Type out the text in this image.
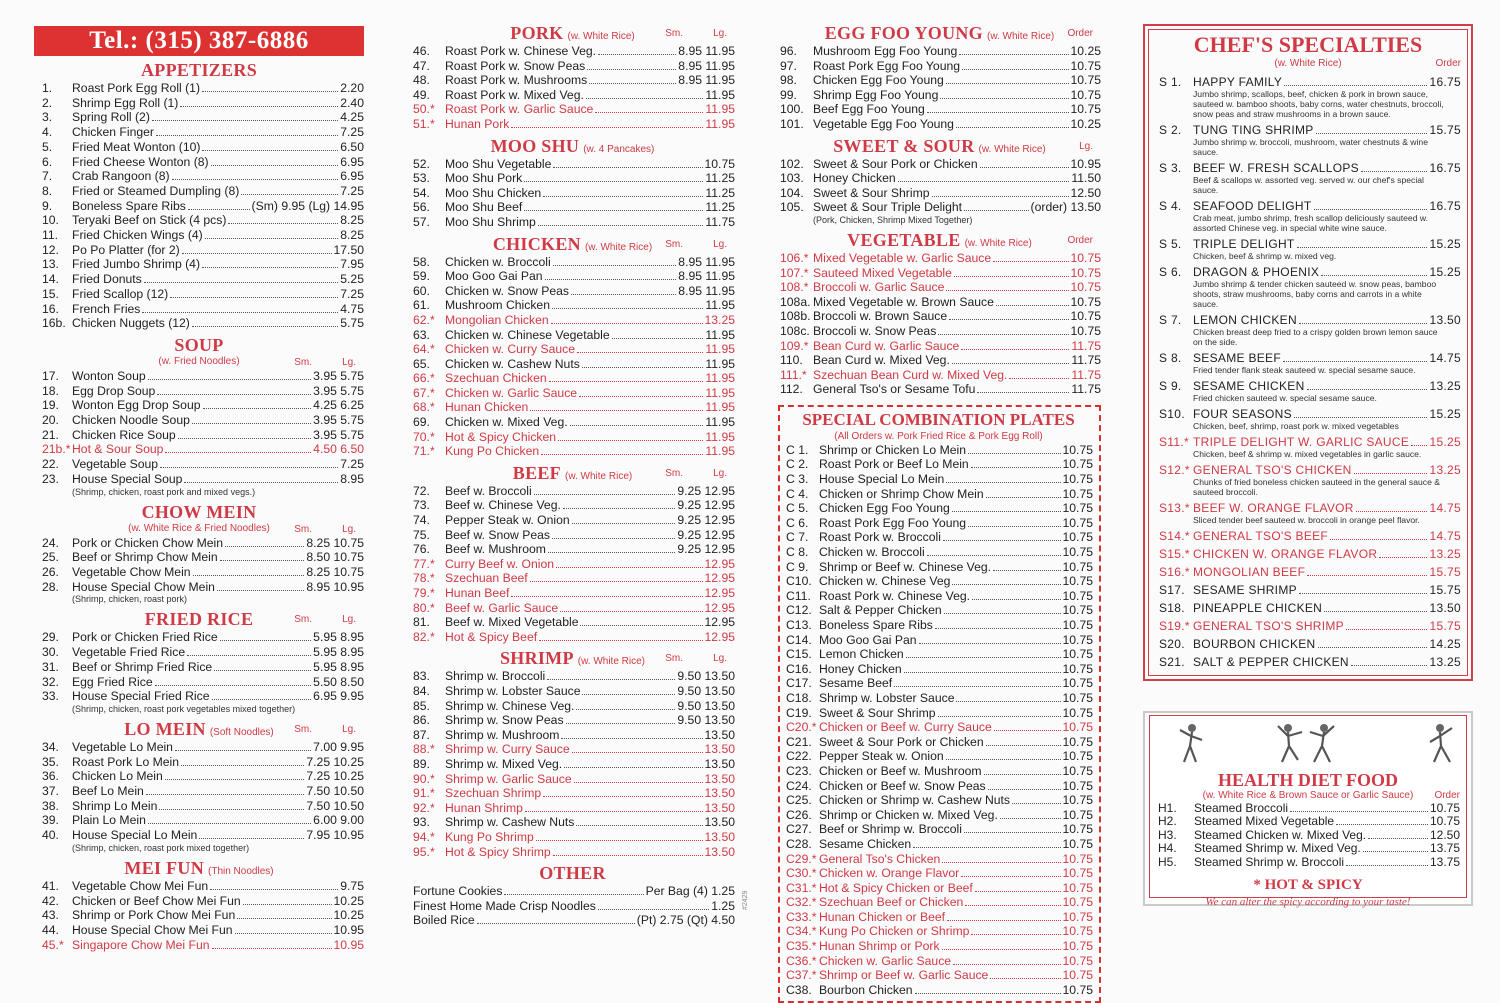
Tel.: (315) 387-6886
APPETIZERS
1.	Roast Pork Egg Roll (1)	2.20
2.	Shrimp Egg Roll (1)	2.40
3.	Spring Roll (2)	4.25
4.	Chicken Finger	7.25
5.	Fried Meat Wonton (10)	6.50
6.	Fried Cheese Wonton (8)	6.95
7.	Crab Rangoon (8)	6.95
8.	Fried or Steamed Dumpling (8)	7.25
9.	Boneless Spare Ribs	(Sm) 9.95 (Lg) 14.95
10.	Teryaki Beef on Stick (4 pcs)	8.25
11.	Fried Chicken Wings (4)	8.25
12.	Po Po Platter (for 2)	17.50
13.	Fried Jumbo Shrimp (4)	7.95
14.	Fried Donuts	5.25
15.	Fried Scallop (12)	7.25
16.	French Fries	4.75
16b. Chicken Nuggets (12)	5.75
SOUP
(w. Fried Noodles)	Sm.	Lg.
17.	Wonton Soup	3.95 5.75
18.	Egg Drop Soup	3.95 5.75
19.	Wonton Egg Drop Soup	4.25 6.25
20.	Chicken Noodle Soup	3.95 5.75
21.	Chicken Rice Soup	3.95 5.75
21b.* Hot & Sour Soup	4.50 6.50
22.	Vegetable Soup	7.25
23.	House Special Soup	8.95
(Shrimp, chicken, roast pork and mixed vegs.)
CHOW MEIN
(w. White Rice & Fried Noodles)	Sm.	Lg.
24.	Pork or Chicken Chow Mein	8.25 10.75
25.	Beef or Shrimp Chow Mein	8.50 10.75
26.	Vegetable Chow Mein	8.25 10.75
28.	House Special Chow Mein	8.95 10.95
(Shrimp, chicken, roast pork)
FRIED RICE	Sm.	Lg.
29.	Pork or Chicken Fried Rice	5.95 8.95
30.	Vegetable Fried Rice	5.95 8.95
31.	Beef or Shrimp Fried Rice	5.95 8.95
32.	Egg Fried Rice	5.50 8.50
33.	House Special Fried Rice	6.95 9.95
(Shrimp, chicken, roast pork vegetables mixed together)
LO MEIN (Soft Noodles)	Sm.	Lg.
34.	Vegetable Lo Mein	7.00 9.95
35.	Roast Pork Lo Mein	7.25 10.25
36.	Chicken Lo Mein	7.25 10.25
37.	Beef Lo Mein	7.50 10.50
38.	Shrimp Lo Mein	7.50 10.50
39.	Plain Lo Mein	6.00 9.00
40.	House Special Lo Mein	7.95 10.95
(Shrimp, chicken, roast pork mixed together)
MEI FUN (Thin Noodles)
41.	Vegetable Chow Mei Fun	9.75
42.	Chicken or Beef Chow Mei Fun	10.25
43.	Shrimp or Pork Chow Mei Fun	10.25
44.	House Special Chow Mei Fun	10.95
45.* Singapore Chow Mei Fun	10.95
PORK (w. White Rice)	Sm.	Lg.
46.	Roast Pork w. Chinese Veg.	8.95 11.95
47.	Roast Pork w. Snow Peas	8.95 11.95
48.	Roast Pork w. Mushrooms	8.95 11.95
49.	Roast Pork w. Mixed Veg.	11.95
50.* Roast Pork w. Garlic Sauce	11.95
51.* Hunan Pork	11.95
MOO SHU (w. 4 Pancakes)
52.	Moo Shu Vegetable	10.75
53.	Moo Shu Pork	11.25
54.	Moo Shu Chicken	11.25
56.	Moo Shu Beef	11.25
57.	Moo Shu Shrimp	11.75
CHICKEN (w. White Rice)	Sm.	Lg.
58.	Chicken w. Broccoli	8.95 11.95
59.	Moo Goo Gai Pan	8.95 11.95
60.	Chicken w. Snow Peas	8.95 11.95
61.	Mushroom Chicken	11.95
62.* Mongolian Chicken	13.25
63.	Chicken w. Chinese Vegetable	11.95
64.* Chicken w. Curry Sauce	11.95
65.	Chicken w. Cashew Nuts	11.95
66.* Szechuan Chicken	11.95
67.* Chicken w. Garlic Sauce	11.95
68.* Hunan Chicken	11.95
69.	Chicken w. Mixed Veg.	11.95
70.* Hot & Spicy Chicken	11.95
71.* Kung Po Chicken	11.95
BEEF (w. White Rice)	Sm.	Lg.
72.	Beef w. Broccoli	9.25 12.95
73.	Beef w. Chinese Veg.	9.25 12.95
74.	Pepper Steak w. Onion	9.25 12.95
75.	Beef w. Snow Peas	9.25 12.95
76.	Beef w. Mushroom	9.25 12.95
77.* Curry Beef w. Onion	12.95
78.* Szechuan Beef	12.95
79.* Hunan Beef	12.95
80.* Beef w. Garlic Sauce	12.95
81.	Beef w. Mixed Vegetable	12.95
82.* Hot & Spicy Beef	12.95
SHRIMP (w. White Rice)	Sm.	Lg.
83.	Shrimp w. Broccoli	9.50 13.50
84.	Shrimp w. Lobster Sauce	9.50 13.50
85.	Shrimp w. Chinese Veg.	9.50 13.50
86.	Shrimp w. Snow Peas	9.50 13.50
87.	Shrimp w. Mushroom	13.50
88.* Shrimp w. Curry Sauce	13.50
89.	Shrimp w. Mixed Veg.	13.50
90.* Shrimp w. Garlic Sauce	13.50
91.* Szechuan Shrimp	13.50
92.* Hunan Shrimp	13.50
93.	Shrimp w. Cashew Nuts	13.50
94.* Kung Po Shrimp	13.50
95.* Hot & Spicy Shrimp	13.50
OTHER
Fortune Cookies	Per Bag (4) 1.25
Finest Home Made Crisp Noodles	1.25
Boiled Rice	(Pt) 2.75 (Qt) 4.50
EGG FOO YOUNG (w. White Rice)	Order
96.	Mushroom Egg Foo Young	10.25
97.	Roast Pork Egg Foo Young	10.75
98.	Chicken Egg Foo Young	10.75
99.	Shrimp Egg Foo Young	10.75
100. Beef Egg Foo Young	10.75
101. Vegetable Egg Foo Young	10.25
SWEET & SOUR (w. White Rice)	Lg.
102. Sweet & Sour Pork or Chicken	10.95
103. Honey Chicken	11.50
104. Sweet & Sour Shrimp	12.50
105. Sweet & Sour Triple Delight	(order) 13.50
(Pork, Chicken, Shrimp Mixed Together)
VEGETABLE (w. White Rice)	Order
106.* Mixed Vegetable w. Garlic Sauce	10.75
107.* Sauteed Mixed Vegetable	10.75
108.* Broccoli w. Garlic Sauce	10.75
108a. Mixed Vegetable w. Brown Sauce	10.75
108b. Broccoli w. Brown Sauce	10.75
108c. Broccoli w. Snow Peas	10.75
109.* Bean Curd w. Garlic Sauce	11.75
110. Bean Curd w. Mixed Veg.	11.75
111.* Szechuan Bean Curd w. Mixed Veg.	11.75
112. General Tso's or Sesame Tofu	11.75
SPECIAL COMBINATION PLATES
(All Orders w. Pork Fried Rice & Pork Egg Roll)
C 1. Shrimp or Chicken Lo Mein	10.75
C 2. Roast Pork or Beef Lo Mein	10.75
C 3. House Special Lo Mein	10.75
C 4. Chicken or Shrimp Chow Mein	10.75
C 5. Chicken Egg Foo Young	10.75
C 6. Roast Pork Egg Foo Young	10.75
C 7. Roast Pork w. Broccoli	10.75
C 8. Chicken w. Broccoli	10.75
C 9. Shrimp or Beef w. Chinese Veg.	10.75
C10. Chicken w. Chinese Veg	10.75
C11. Roast Pork w. Chinese Veg.	10.75
C12. Salt & Pepper Chicken	10.75
C13. Boneless Spare Ribs	10.75
C14. Moo Goo Gai Pan	10.75
C15. Lemon Chicken	10.75
C16. Honey Chicken	10.75
C17. Sesame Beef	10.75
C18. Shrimp w. Lobster Sauce	10.75
C19. Sweet & Sour Shrimp	10.75
C20.* Chicken or Beef w. Curry Sauce	10.75
C21. Sweet & Sour Pork or Chicken	10.75
C22. Pepper Steak w. Onion	10.75
C23. Chicken or Beef w. Mushroom	10.75
C24. Chicken or Beef w. Snow Peas	10.75
C25. Chicken or Shrimp w. Cashew Nuts	10.75
C26. Shrimp or Chicken w. Mixed Veg.	10.75
C27. Beef or Shrimp w. Broccoli	10.75
C28. Sesame Chicken	10.75
C29.* General Tso's Chicken	10.75
C30.* Chicken w. Orange Flavor	10.75
C31.* Hot & Spicy Chicken or Beef	10.75
C32.* Szechuan Beef or Chicken	10.75
C33.* Hunan Chicken or Beef	10.75
C34.* Kung Po Chicken or Shrimp	10.75
C35.* Hunan Shrimp or Pork	10.75
C36.* Chicken w. Garlic Sauce	10.75
C37.* Shrimp or Beef w. Garlic Sauce	10.75
C38. Bourbon Chicken	10.75
CHEF'S SPECIALTIES
(w. White Rice)	Order
S 1. HAPPY FAMILY	16.75
Jumbo shrimp, scallops, beef, chicken & pork in brown sauce, sauteed w. bamboo shoots, baby corns, water chestnuts, broccoli, snow peas and straw mushrooms in a brown sauce.
S 2. TUNG TING SHRIMP	15.75
Jumbo shrimp w. broccoli, mushroom, water chestnuts & wine sauce.
S 3. BEEF W. FRESH SCALLOPS	16.75
Beef & scallops w. assorted veg. served w. our chef's special sauce.
S 4. SEAFOOD DELIGHT	16.75
Crab meat, jumbo shrimp, fresh scallop deliciously sauteed w. assorted Chinese veg. in special white wine sauce.
S 5. TRIPLE DELIGHT	15.25
Chicken, beef & shrimp w. mixed veg.
S 6. DRAGON & PHOENIX	15.25
Jumbo shrimp & tender chicken sauteed w. snow peas, bamboo shoots, straw mushrooms, baby corns and carrots in a white sauce.
S 7. LEMON CHICKEN	13.50
Chicken breast deep fried to a crispy golden brown lemon sauce on the side.
S 8. SESAME BEEF	14.75
Fried tender flank steak sauteed w. special sesame sauce.
S 9. SESAME CHICKEN	13.25
Fried chicken sauteed w. special sesame sauce.
S10. FOUR SEASONS	15.25
Chicken, beef, shrimp, roast pork w. mixed vegetables
S11.* TRIPLE DELIGHT W. GARLIC SAUCE 15.25
Chicken, beef & shrimp w. mixed vegetables in garlic sauce.
S12.* GENERAL TSO'S CHICKEN	13.25
Chunks of fried boneless chicken sauteed in the general sauce & sauteed broccoli.
S13.* BEEF W. ORANGE FLAVOR	14.75
Sliced tender beef sauteed w. broccoli in orange peel flavor.
S14.* GENERAL TSO'S BEEF	14.75
S15.* CHICKEN W. ORANGE FLAVOR	13.25
S16.* MONGOLIAN BEEF	15.75
S17. SESAME SHRIMP	15.75
S18. PINEAPPLE CHICKEN	13.50
S19.* GENERAL TSO'S SHRIMP	15.75
S20. BOURBON CHICKEN	14.25
S21. SALT & PEPPER CHICKEN	13.25
HEALTH DIET FOOD
(w. White Rice & Brown Sauce or Garlic Sauce)	Order
H1.	Steamed Broccoli	10.75
H2.	Steamed Mixed Vegetable	10.75
H3.	Steamed Chicken w. Mixed Veg.	12.50
H4.	Steamed Shrimp w. Mixed Veg.	13.75
H5.	Steamed Shrimp w. Broccoli	13.75
* HOT & SPICY
We can alter the spicy according to your taste!
#2429
